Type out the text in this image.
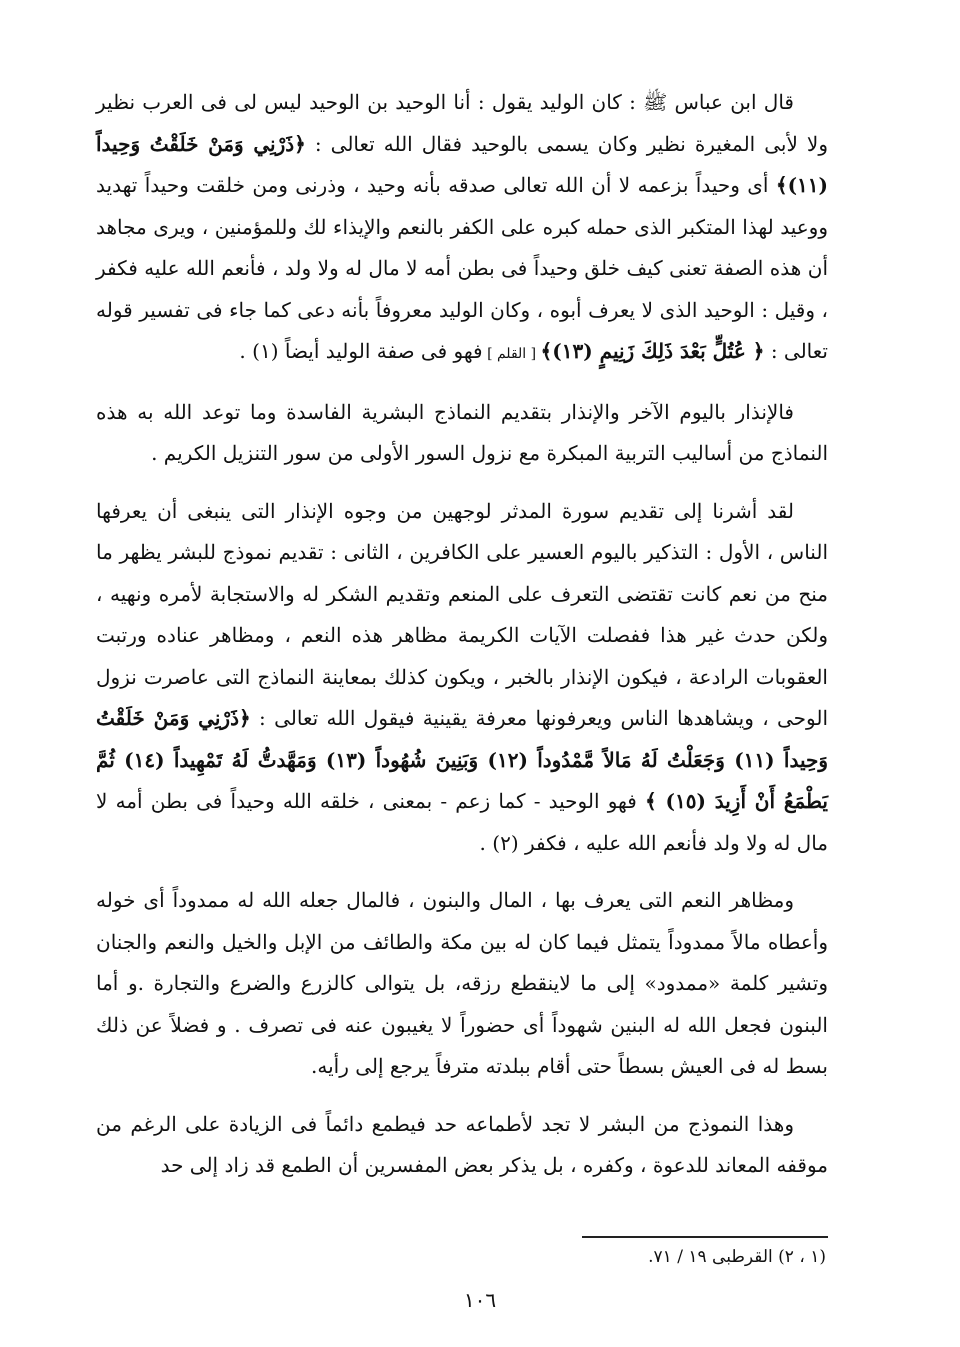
قال ابن عباس ﷺ : كان الوليد يقول : أنا الوحيد بن الوحيد ليس لى فى العرب نظير ولا لأبى المغيرة نظير وكان يسمى بالوحيد فقال الله تعالى : ﴿ذَرْنِي وَمَنْ خَلَقْتُ وَحِيداً (١١)﴾ أى وحيداً بزعمه لا أن الله تعالى صدقه بأنه وحيد ، وذرنى ومن خلقت وحيداً تهديد ووعيد لهذا المتكبر الذى حمله كبره على الكفر بالنعم والإيذاء لك وللمؤمنين ، ويرى مجاهد أن هذه الصفة تعنى كيف خلق وحيداً فى بطن أمه لا مال له ولا ولد ، فأنعم الله عليه فكفر ، وقيل : الوحيد الذى لا يعرف أبوه ، وكان الوليد معروفاً بأنه دعى كما جاء فى تفسير قوله تعالى : ﴿ عُتُلٍّ بَعْدَ ذَلِكَ زَنِيمٍ (١٣)﴾ [ القلم ] فهو فى صفة الوليد أيضاً (١) .

فالإنذار باليوم الآخر والإنذار بتقديم النماذج البشرية الفاسدة وما توعد الله به هذه النماذج من أساليب التربية المبكرة مع نزول السور الأولى من سور التنزيل الكريم .

لقد أشرنا إلى تقديم سورة المدثر لوجهين من وجوه الإنذار التى ينبغى أن يعرفها الناس ، الأول : التذكير باليوم العسير على الكافرين ، الثانى : تقديم نموذج للبشر يظهر ما منح من نعم كانت تقتضى التعرف على المنعم وتقديم الشكر له والاستجابة لأمره ونهيه ، ولكن حدث غير هذا ففصلت الآيات الكريمة مظاهر هذه النعم ، ومظاهر عناده ورتبت العقوبات الرادعة ، فيكون الإنذار بالخبر ، ويكون كذلك بمعاينة النماذج التى عاصرت نزول الوحى ، ويشاهدها الناس ويعرفونها معرفة يقينية فيقول الله تعالى : ﴿ذَرْنِي وَمَنْ خَلَقْتُ وَحِيداً (١١) وَجَعَلْتُ لَهُ مَالاً مَّمْدُوداً (١٢) وَبَنِينَ شُهُوداً (١٣) وَمَهَّدتُّ لَهُ تَمْهِيداً (١٤) ثُمَّ يَطْمَعُ أَنْ أَزِيدَ (١٥) ﴾ فهو الوحيد - كما زعم - بمعنى ، خلقه الله وحيداً فى بطن أمه لا مال له ولا ولد فأنعم الله عليه ، فكفر (٢) .

ومظاهر النعم التى يعرف بها ، المال والبنون ، فالمال جعله الله له ممدوداً أى خوله وأعطاه مالاً ممدوداً يتمثل فيما كان له بين مكة والطائف من الإبل والخيل والنعم والجنان وتشير كلمة «ممدود» إلى ما لاينقطع رزقه، بل يتوالى كالزرع والضرع والتجارة .و أما البنون فجعل الله له البنين شهوداً أى حضوراً لا يغيبون عنه فى تصرف . و فضلاً عن ذلك بسط له فى العيش بسطاً حتى أقام ببلدته مترفاً يرجع إلى رأيه.

وهذا النموذج من البشر لا تجد لأطماعه حد فيطمع دائماً فى الزيادة على الرغم من موقفه المعاند للدعوة ، وكفره ، بل يذكر بعض المفسرين أن الطمع قد زاد إلى حد

(١ ، ٢) القرطبى ١٩ / ٧١.

١٠٦
